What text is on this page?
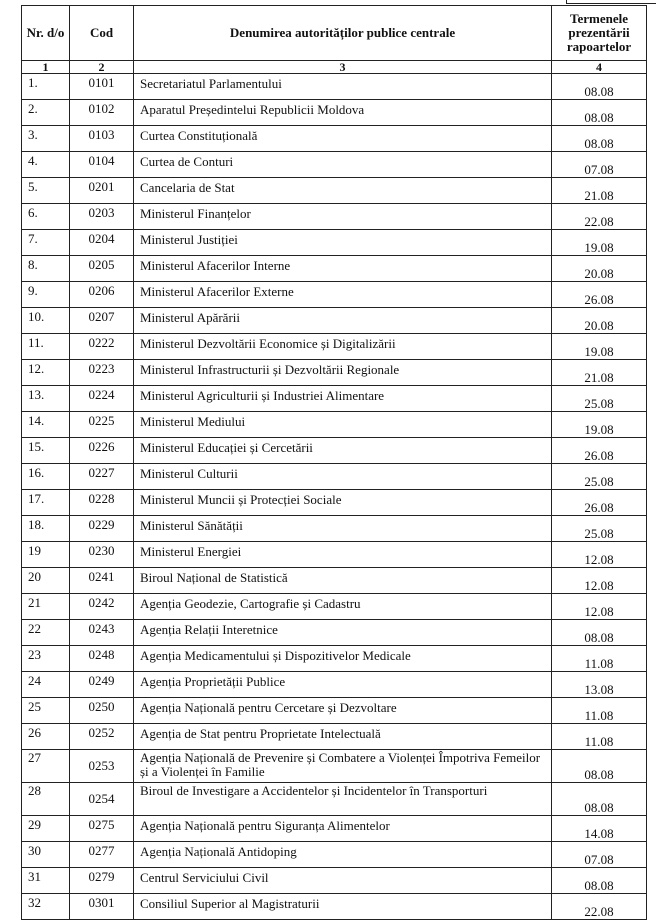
Nr. d/o	Cod	Denumirea autorităților publice centrale	Termenele prezentării rapoartelor
1	2	3	4
1.	0101	Secretariatul Parlamentului	08.08
2.	0102	Aparatul Președintelui Republicii Moldova	08.08
3.	0103	Curtea Constituțională	08.08
4.	0104	Curtea de Conturi	07.08
5.	0201	Cancelaria de Stat	21.08
6.	0203	Ministerul Finanțelor	22.08
7.	0204	Ministerul Justiției	19.08
8.	0205	Ministerul Afacerilor Interne	20.08
9.	0206	Ministerul Afacerilor Externe	26.08
10.	0207	Ministerul Apărării	20.08
11.	0222	Ministerul Dezvoltării Economice și Digitalizării	19.08
12.	0223	Ministerul Infrastructurii și Dezvoltării Regionale	21.08
13.	0224	Ministerul Agriculturii și Industriei Alimentare	25.08
14.	0225	Ministerul Mediului	19.08
15.	0226	Ministerul Educației și Cercetării	26.08
16.	0227	Ministerul Culturii	25.08
17.	0228	Ministerul Muncii și Protecției Sociale	26.08
18.	0229	Ministerul Sănătății	25.08
19	0230	Ministerul Energiei	12.08
20	0241	Biroul Național de Statistică	12.08
21	0242	Agenția Geodezie, Cartografie și Cadastru	12.08
22	0243	Agenția Relații Interetnice	08.08
23	0248	Agenția Medicamentului și Dispozitivelor Medicale	11.08
24	0249	Agenția Proprietății Publice	13.08
25	0250	Agenția Națională pentru Cercetare și Dezvoltare	11.08
26	0252	Agenția de Stat pentru Proprietate Intelectuală	11.08
27	0253	Agenția Națională de Prevenire și Combatere a Violenței Împotriva Femeilor și a Violenței în Familie	08.08
28	0254	Biroul de Investigare a Accidentelor și Incidentelor în Transporturi	08.08
29	0275	Agenția Națională pentru Siguranța Alimentelor	14.08
30	0277	Agenția Națională Antidoping	07.08
31	0279	Centrul Serviciului Civil	08.08
32	0301	Consiliul Superior al Magistraturii	22.08
